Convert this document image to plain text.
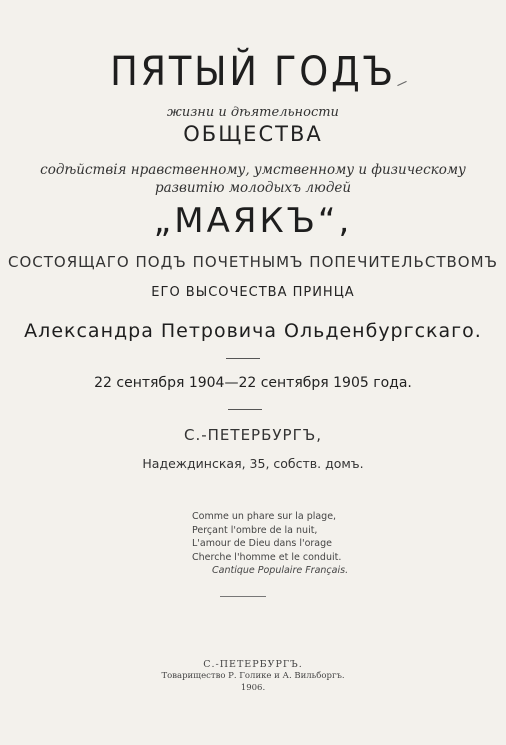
ПЯТЫЙ ГОДЪ
жизни и дѣятельности
ОБЩЕСТВА
содѣйствія нравственному, умственному и физическому
развитію молодыхъ людей
„МАЯКЪ“,
СОСТОЯЩАГО ПОДЪ ПОЧЕТНЫМЪ ПОПЕЧИТЕЛЬСТВОМЪ
ЕГО ВЫСОЧЕСТВА ПРИНЦА
Александра Петровича Ольденбургскаго.
22 сентября 1904—22 сентября 1905 года.
С.-ПЕТЕРБУРГЪ,
Надеждинская, 35, собств. домъ.
Comme un phare sur la plage,
Perçant l'ombre de la nuit,
L'amour de Dieu dans l'orage
Cherche l'homme et le conduit.
Cantique Populaire Français.
С.-ПЕТЕРБУРГЪ.
Товарищество Р. Голике и А. Вильборгъ.
1906.
